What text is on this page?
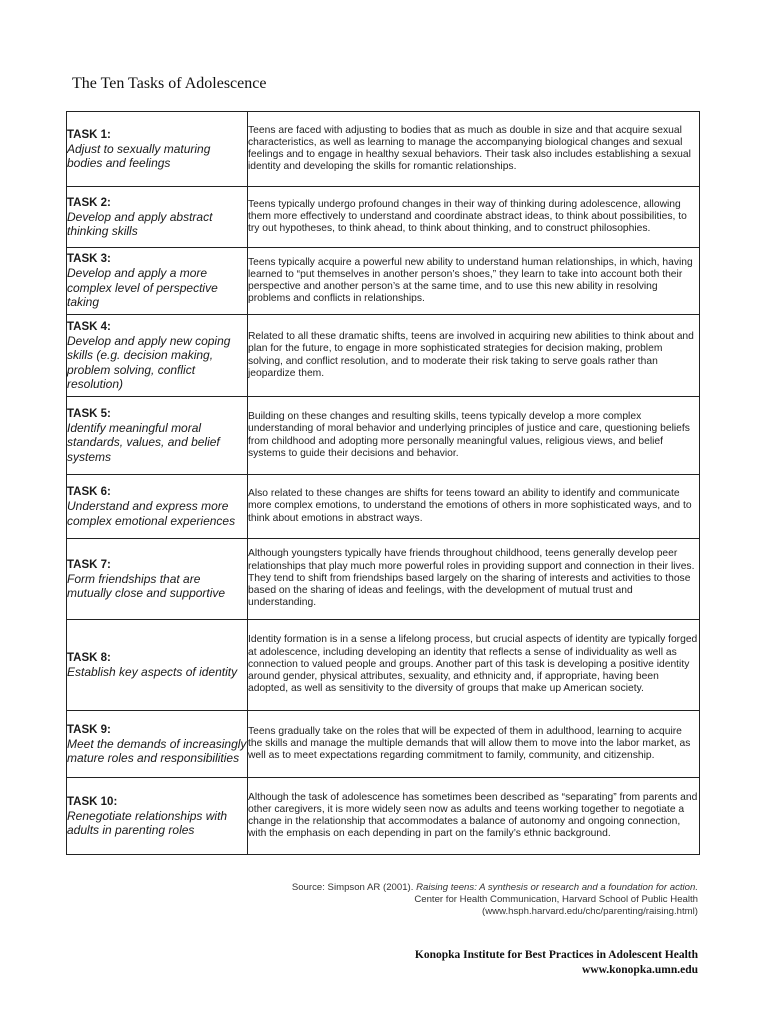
The Ten Tasks of Adolescence
TASK 1:
Adjust to sexually maturing bodies and feelings	Teens are faced with adjusting to bodies that as much as double in size and that acquire sexual characteristics, as well as learning to manage the accompanying biological changes and sexual feelings and to engage in healthy sexual behaviors. Their task also includes establishing a sexual identity and developing the skills for romantic relationships.

TASK 2:
Develop and apply abstract thinking skills	Teens typically undergo profound changes in their way of thinking during adolescence, allowing them more effectively to understand and coordinate abstract ideas, to think about possibilities, to try out hypotheses, to think ahead, to think about thinking, and to construct philosophies.

TASK 3:
Develop and apply a more complex level of perspective taking	Teens typically acquire a powerful new ability to understand human relationships, in which, having learned to “put themselves in another person’s shoes,” they learn to take into account both their perspective and another person’s at the same time, and to use this new ability in resolving problems and conflicts in relationships.

TASK 4:
Develop and apply new coping skills (e.g. decision making, problem solving, conflict resolution)	Related to all these dramatic shifts, teens are involved in acquiring new abilities to think about and plan for the future, to engage in more sophisticated strategies for decision making, problem solving, and conflict resolution, and to moderate their risk taking to serve goals rather than jeopardize them.

TASK 5:
Identify meaningful moral standards, values, and belief systems	Building on these changes and resulting skills, teens typically develop a more complex understanding of moral behavior and underlying principles of justice and care, questioning beliefs from childhood and adopting more personally meaningful values, religious views, and belief systems to guide their decisions and behavior.

TASK 6:
Understand and express more complex emotional experiences	Also related to these changes are shifts for teens toward an ability to identify and communicate more complex emotions, to understand the emotions of others in more sophisticated ways, and to think about emotions in abstract ways.

TASK 7:
Form friendships that are mutually close and supportive	Although youngsters typically have friends throughout childhood, teens generally develop peer relationships that play much more powerful roles in providing support and connection in their lives. They tend to shift from friendships based largely on the sharing of interests and activities to those based on the sharing of ideas and feelings, with the development of mutual trust and understanding.

TASK 8:
Establish key aspects of identity	Identity formation is in a sense a lifelong process, but crucial aspects of identity are typically forged at adolescence, including developing an identity that reflects a sense of individuality as well as connection to valued people and groups. Another part of this task is developing a positive identity around gender, physical attributes, sexuality, and ethnicity and, if appropriate, having been adopted, as well as sensitivity to the diversity of groups that make up American society.

TASK 9:
Meet the demands of increasingly mature roles and responsibilities	Teens gradually take on the roles that will be expected of them in adulthood, learning to acquire the skills and manage the multiple demands that will allow them to move into the labor market, as well as to meet expectations regarding commitment to family, community, and citizenship.

TASK 10:
Renegotiate relationships with adults in parenting roles	Although the task of adolescence has sometimes been described as “separating” from parents and other caregivers, it is more widely seen now as adults and teens working together to negotiate a change in the relationship that accommodates a balance of autonomy and ongoing connection, with the emphasis on each depending in part on the family’s ethnic background.
Source: Simpson AR (2001). Raising teens: A synthesis or research and a foundation for action.
Center for Health Communication, Harvard School of Public Health
(www.hsph.harvard.edu/chc/parenting/raising.html)
Konopka Institute for Best Practices in Adolescent Health
www.konopka.umn.edu
